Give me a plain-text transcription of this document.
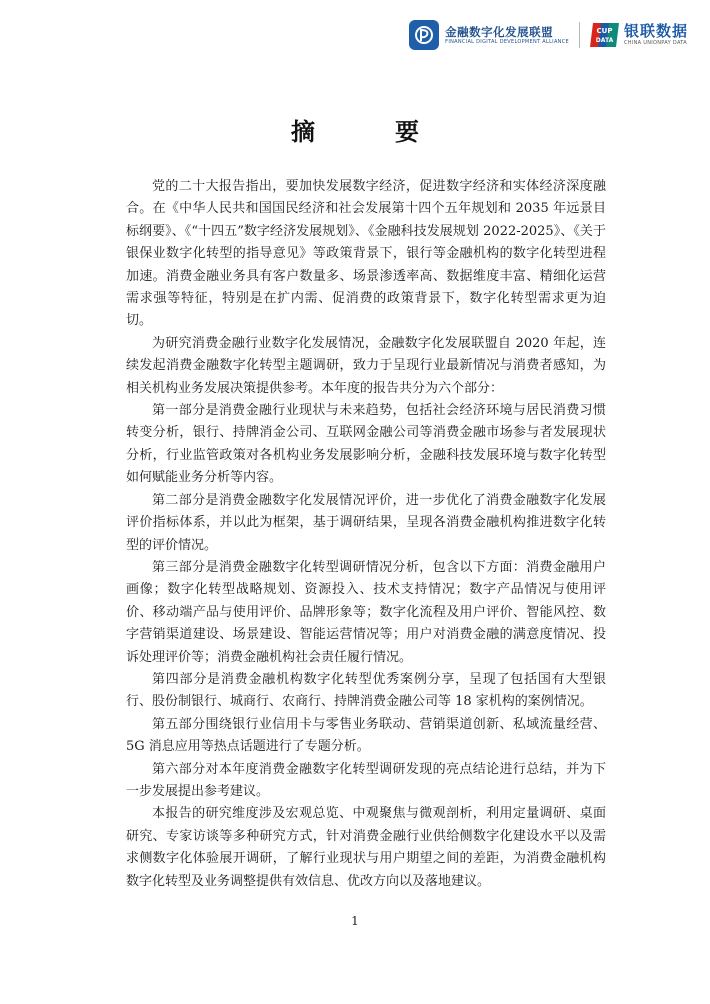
金融数字化发展联盟
FINANCIAL DIGITAL DEVELOPMENT ALLIANCE
CUP
DATA
银联数据
CHINA UNIONPAY DATA
摘　要

党的二十大报告指出，要加快发展数字经济，促进数字经济和实体经济深度融合。在《中华人民共和国国民经济和社会发展第十四个五年规划和 2035 年远景目标纲要》、《“十四五”数字经济发展规划》、《金融科技发展规划 2022-2025》、《关于银保业数字化转型的指导意见》等政策背景下，银行等金融机构的数字化转型进程加速。消费金融业务具有客户数量多、场景渗透率高、数据维度丰富、精细化运营需求强等特征，特别是在扩内需、促消费的政策背景下，数字化转型需求更为迫切。

为研究消费金融行业数字化发展情况，金融数字化发展联盟自 2020 年起，连续发起消费金融数字化转型主题调研，致力于呈现行业最新情况与消费者感知，为相关机构业务发展决策提供参考。本年度的报告共分为六个部分：

第一部分是消费金融行业现状与未来趋势，包括社会经济环境与居民消费习惯转变分析，银行、持牌消金公司、互联网金融公司等消费金融市场参与者发展现状分析，行业监管政策对各机构业务发展影响分析，金融科技发展环境与数字化转型如何赋能业务分析等内容。

第二部分是消费金融数字化发展情况评价，进一步优化了消费金融数字化发展评价指标体系，并以此为框架，基于调研结果，呈现各消费金融机构推进数字化转型的评价情况。

第三部分是消费金融数字化转型调研情况分析，包含以下方面：消费金融用户画像；数字化转型战略规划、资源投入、技术支持情况；数字产品情况与使用评价、移动端产品与使用评价、品牌形象等；数字化流程及用户评价、智能风控、数字营销渠道建设、场景建设、智能运营情况等；用户对消费金融的满意度情况、投诉处理评价等；消费金融机构社会责任履行情况。

第四部分是消费金融机构数字化转型优秀案例分享，呈现了包括国有大型银行、股份制银行、城商行、农商行、持牌消费金融公司等 18 家机构的案例情况。

第五部分围绕银行业信用卡与零售业务联动、营销渠道创新、私域流量经营、5G 消息应用等热点话题进行了专题分析。

第六部分对本年度消费金融数字化转型调研发现的亮点结论进行总结，并为下一步发展提出参考建议。

本报告的研究维度涉及宏观总览、中观聚焦与微观剖析，利用定量调研、桌面研究、专家访谈等多种研究方式，针对消费金融行业供给侧数字化建设水平以及需求侧数字化体验展开调研，了解行业现状与用户期望之间的差距，为消费金融机构数字化转型及业务调整提供有效信息、优改方向以及落地建议。

1
